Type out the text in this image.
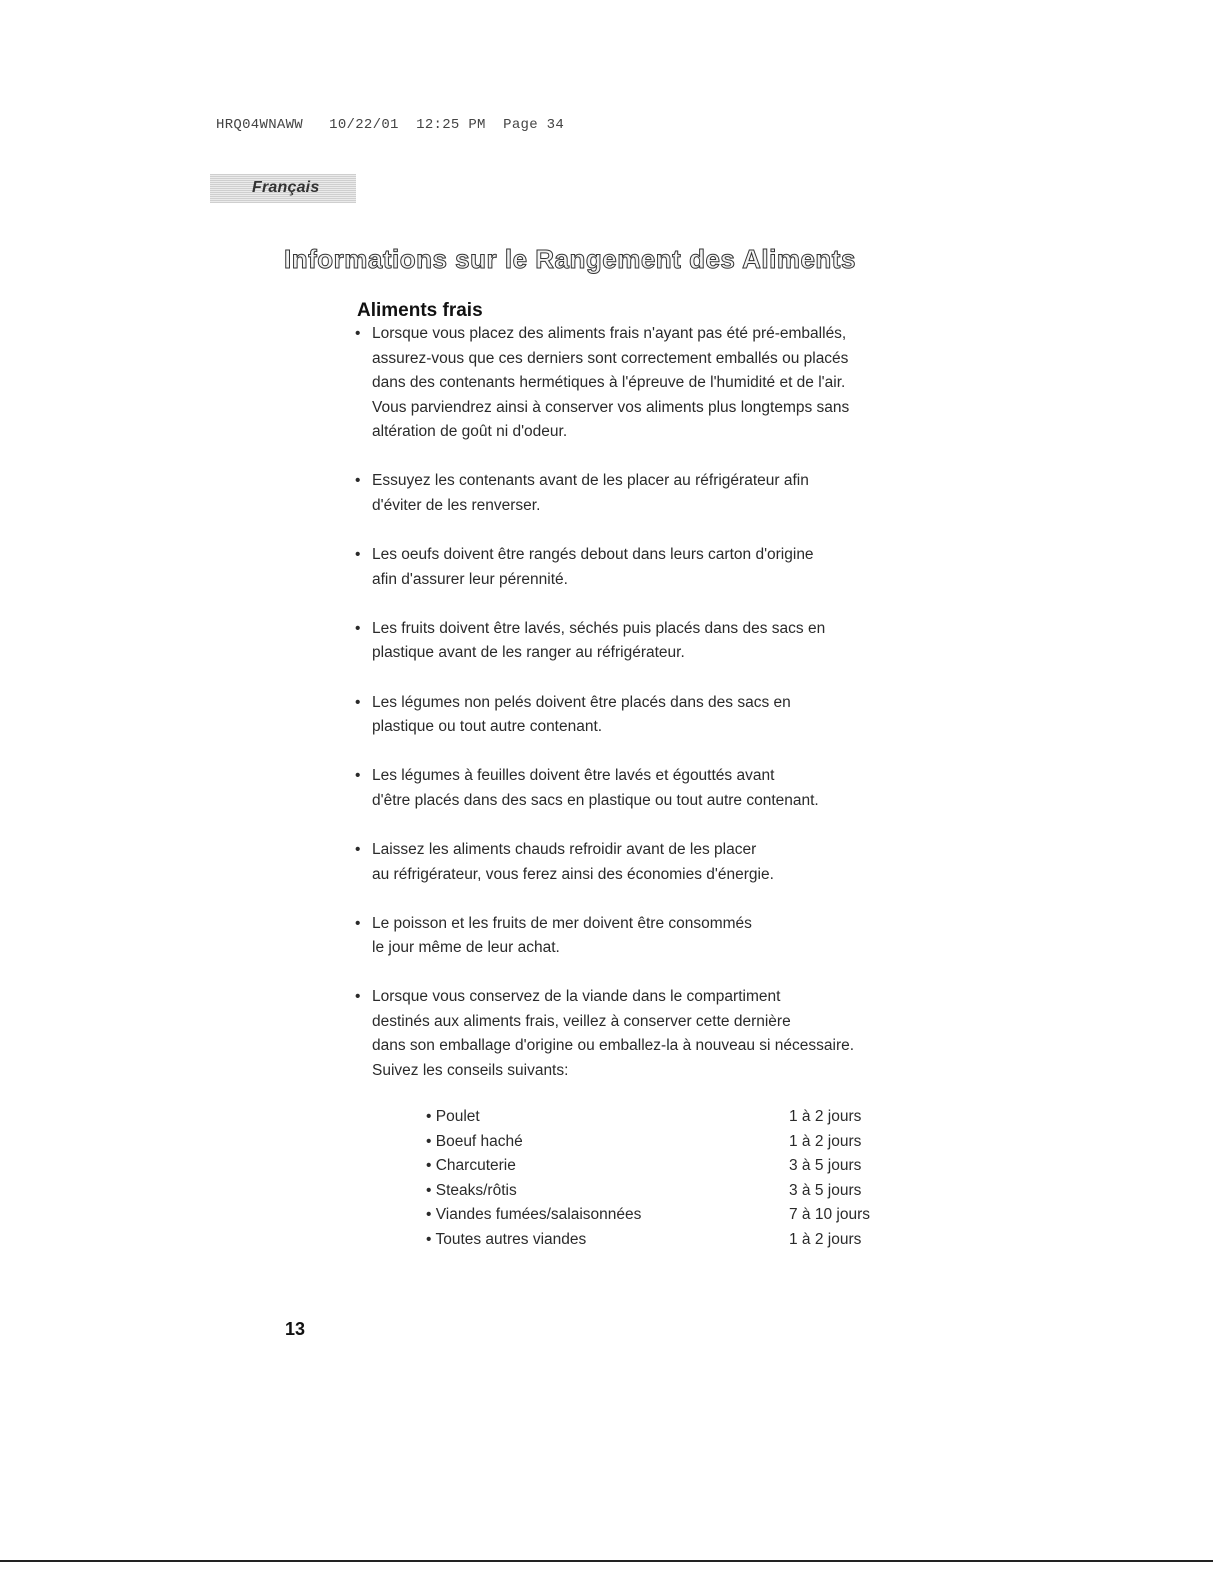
HRQ04WNAWW   10/22/01  12:25 PM  Page 34
Français
Informations sur le Rangement des Aliments
Aliments frais
• Lorsque vous placez des aliments frais n'ayant pas été pré-emballés,
assurez-vous que ces derniers sont correctement emballés ou placés
dans des contenants hermétiques à l'épreuve de l'humidité et de l'air.
Vous parviendrez ainsi à conserver vos aliments plus longtemps sans
altération de goût ni d'odeur.
• Essuyez les contenants avant de les placer au réfrigérateur afin
d'éviter de les renverser.
• Les oeufs doivent être rangés debout dans leurs carton d'origine
afin d'assurer leur pérennité.
• Les fruits doivent être lavés, séchés puis placés dans des sacs en
plastique avant de les ranger au réfrigérateur.
• Les légumes non pelés doivent être placés dans des sacs en
plastique ou tout autre contenant.
• Les légumes à feuilles doivent être lavés et égouttés avant
d'être placés dans des sacs en plastique ou tout autre contenant.
• Laissez les aliments chauds refroidir avant de les placer
au réfrigérateur, vous ferez ainsi des économies d'énergie.
• Le poisson et les fruits de mer doivent être consommés
le jour même de leur achat.
• Lorsque vous conservez de la viande dans le compartiment
destinés aux aliments frais, veillez à conserver cette dernière
dans son emballage d'origine ou emballez-la à nouveau si nécessaire.
Suivez les conseils suivants:
• Poulet	1 à 2 jours
• Boeuf haché	1 à 2 jours
• Charcuterie	3 à 5 jours
• Steaks/rôtis	3 à 5 jours
• Viandes fumées/salaisonnées	7 à 10 jours
• Toutes autres viandes	1 à 2 jours
13
